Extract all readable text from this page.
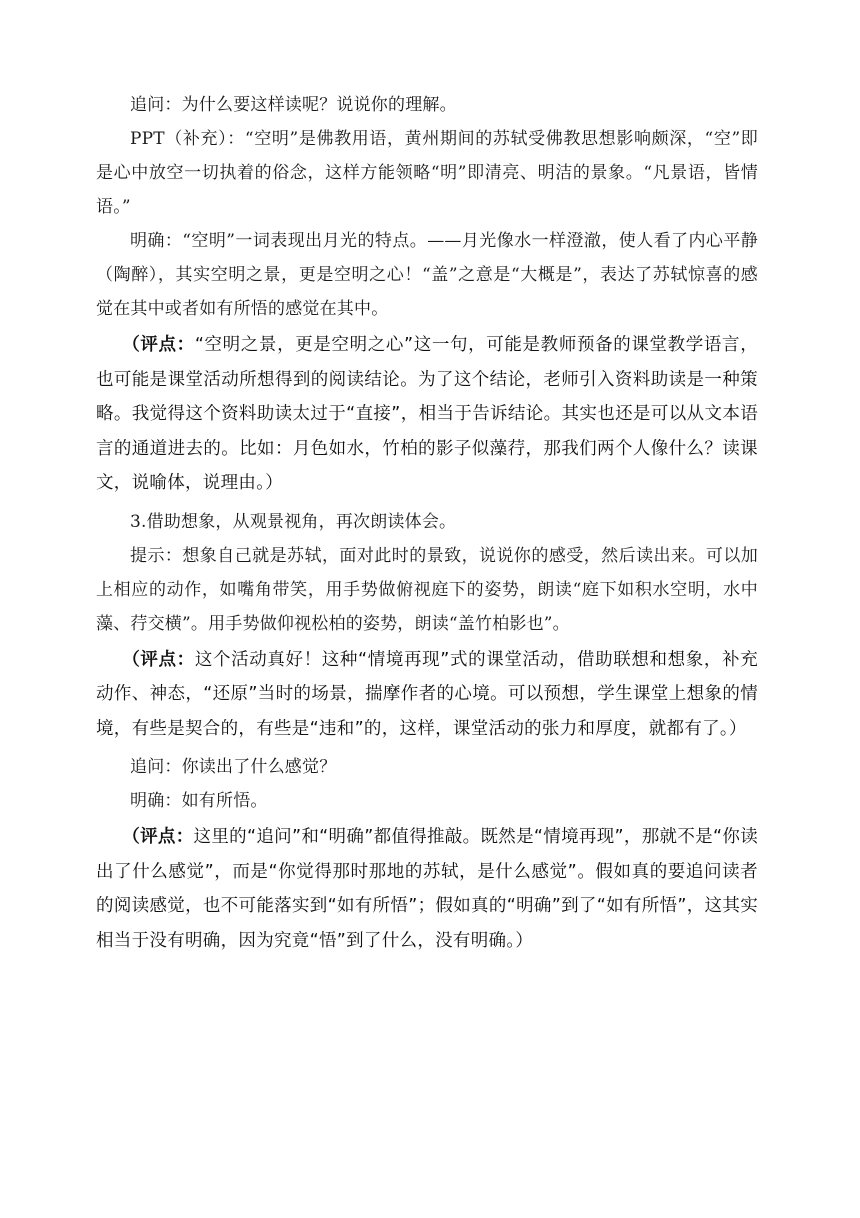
追问：为什么要这样读呢？说说你的理解。

PPT（补充）：“空明”是佛教用语，黄州期间的苏轼受佛教思想影响颇深，“空”即是心中放空一切执着的俗念，这样方能领略“明”即清亮、明洁的景象。“凡景语，皆情语。”

明确：“空明”一词表现出月光的特点。——月光像水一样澄澈，使人看了内心平静（陶醉），其实空明之景，更是空明之心！“盖”之意是“大概是”，表达了苏轼惊喜的感觉在其中或者如有所悟的感觉在其中。

（评点：“空明之景，更是空明之心”这一句，可能是教师预备的课堂教学语言，也可能是课堂活动所想得到的阅读结论。为了这个结论，老师引入资料助读是一种策略。我觉得这个资料助读太过于“直接”，相当于告诉结论。其实也还是可以从文本语言的通道进去的。比如：月色如水，竹柏的影子似藻荇，那我们两个人像什么？读课文，说喻体，说理由。）

3.借助想象，从观景视角，再次朗读体会。

提示：想象自己就是苏轼，面对此时的景致，说说你的感受，然后读出来。可以加上相应的动作，如嘴角带笑，用手势做俯视庭下的姿势，朗读“庭下如积水空明，水中藻、荇交横”。用手势做仰视松柏的姿势，朗读“盖竹柏影也”。

（评点：这个活动真好！这种“情境再现”式的课堂活动，借助联想和想象，补充动作、神态，“还原”当时的场景，揣摩作者的心境。可以预想，学生课堂上想象的情境，有些是契合的，有些是“违和”的，这样，课堂活动的张力和厚度，就都有了。）

追问：你读出了什么感觉？

明确：如有所悟。

（评点：这里的“追问”和“明确”都值得推敲。既然是“情境再现”，那就不是“你读出了什么感觉”，而是“你觉得那时那地的苏轼，是什么感觉”。假如真的要追问读者的阅读感觉，也不可能落实到“如有所悟”；假如真的“明确”到了“如有所悟”，这其实相当于没有明确，因为究竟“悟”到了什么，没有明确。）
